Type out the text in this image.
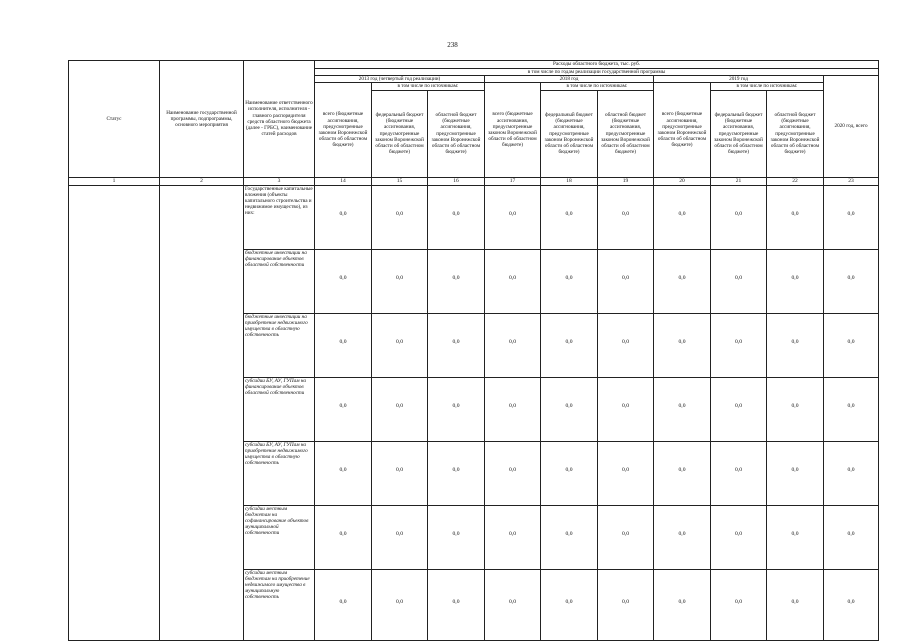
238
Статус	Наименование государственной программы, подпрограммы, основного мероприятия	Наименование ответственного исполнителя, исполнителя - главного распорядителя средств областного бюджета (далее - ГРБС), наименование статей расходов	Расходы областного бюджета, тыс. руб.									
			в том числе по годам реализации государственной программы									
			2013 год (четвертый год реализации)			2018 год			2019 год			2020 год, всего
			всего (бюджетные ассигнования, предусмотренные законом Воронежской области об областном бюджете)	в том числе по источникам:		всего (бюджетные ассигнования, предусмотренные законом Воронежской области об областном бюджете)	в том числе по источникам:		всего (бюджетные ассигнования, предусмотренные законом Воронежской области об областном бюджете)	в том числе по источникам:		
				федеральный бюджет (бюджетные ассигнования, предусмотренные законом Воронежской области об областном бюджете)	областной бюджет (бюджетные ассигнования, предусмотренные законом Воронежской области об областном бюджете)		федеральный бюджет (бюджетные ассигнования, предусмотренные законом Воронежской области об областном бюджете)	областной бюджет (бюджетные ассигнования, предусмотренные законом Воронежской области об областном бюджете)		федеральный бюджет (бюджетные ассигнования, предусмотренные законом Воронежской области об областном бюджете)	областной бюджет (бюджетные ассигнования, предусмотренные законом Воронежской области об областном бюджете)	
1	2	3	14	15	16	17	18	19	20	21	22	23
		Государственные капитальные вложения (объекты капитального строительства и недвижимое имущество), из них:	0,0	0,0	0,0	0,0	0,0	0,0	0,0	0,0	0,0	0,0
		бюджетные инвестиции на финансирование объектов областной собственности	0,0	0,0	0,0	0,0	0,0	0,0	0,0	0,0	0,0	0,0
		бюджетные инвестиции на приобретение недвижимого имущества в областную собственность	0,0	0,0	0,0	0,0	0,0	0,0	0,0	0,0	0,0	0,0
		субсидии БУ, АУ, ГУПам на финансирование объектов областной собственности	0,0	0,0	0,0	0,0	0,0	0,0	0,0	0,0	0,0	0,0
		субсидии БУ, АУ, ГУПам на приобретение недвижимого имущества в областную собственность	0,0	0,0	0,0	0,0	0,0	0,0	0,0	0,0	0,0	0,0
		субсидии местным бюджетам на софинансирование объектов муниципальной собственности	0,0	0,0	0,0	0,0	0,0	0,0	0,0	0,0	0,0	0,0
		субсидии местным бюджетам на приобретение недвижимого имущества в муниципальную собственность	0,0	0,0	0,0	0,0	0,0	0,0	0,0	0,0	0,0	0,0
